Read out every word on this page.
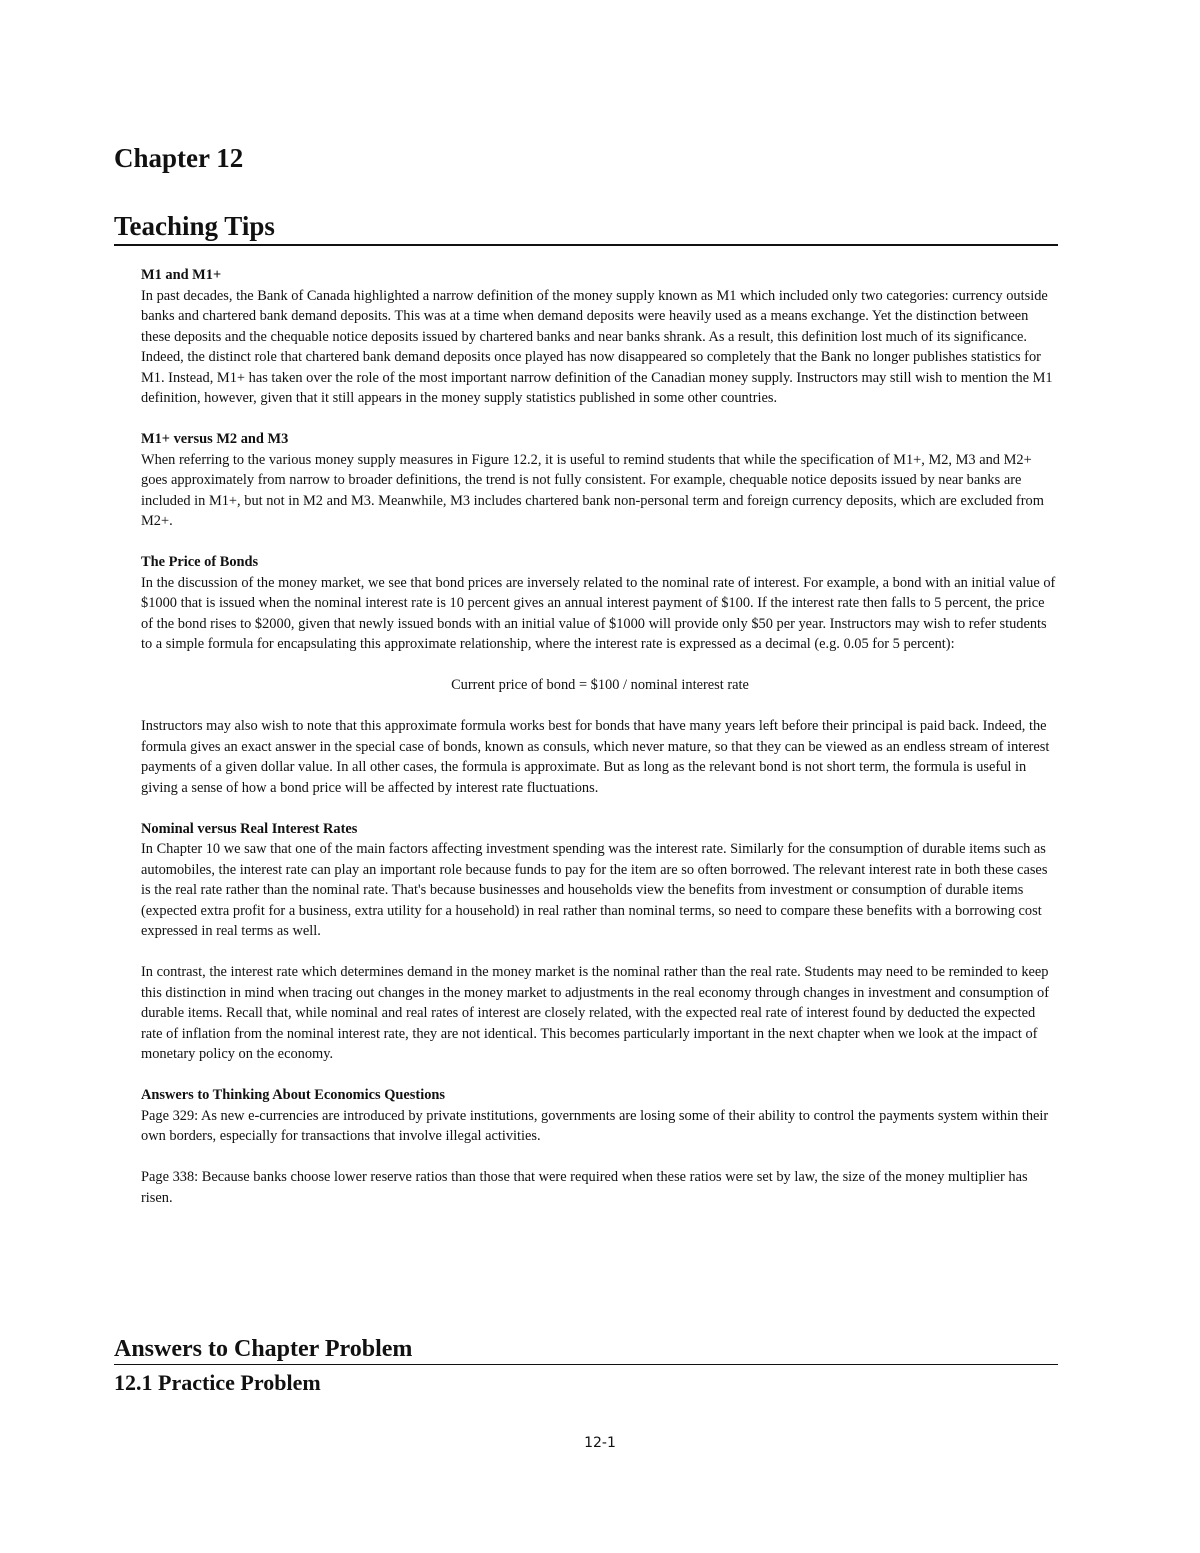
Chapter 12
Teaching Tips
M1 and M1+
In past decades, the Bank of Canada highlighted a narrow definition of the money supply known as M1 which included only two categories: currency outside banks and chartered bank demand deposits. This was at a time when demand deposits were heavily used as a means exchange. Yet the distinction between these deposits and the chequable notice deposits issued by chartered banks and near banks shrank. As a result, this definition lost much of its significance. Indeed, the distinct role that chartered bank demand deposits once played has now disappeared so completely that the Bank no longer publishes statistics for M1. Instead, M1+ has taken over the role of the most important narrow definition of the Canadian money supply. Instructors may still wish to mention the M1 definition, however, given that it still appears in the money supply statistics published in some other countries.
M1+ versus M2 and M3
When referring to the various money supply measures in Figure 12.2, it is useful to remind students that while the specification of M1+, M2, M3 and M2+ goes approximately from narrow to broader definitions, the trend is not fully consistent. For example, chequable notice deposits issued by near banks are included in M1+, but not in M2 and M3. Meanwhile, M3 includes chartered bank non-personal term and foreign currency deposits, which are excluded from M2+.
The Price of Bonds
In the discussion of the money market, we see that bond prices are inversely related to the nominal rate of interest. For example, a bond with an initial value of $1000 that is issued when the nominal interest rate is 10 percent gives an annual interest payment of $100. If the interest rate then falls to 5 percent, the price of the bond rises to $2000, given that newly issued bonds with an initial value of $1000 will provide only $50 per year. Instructors may wish to refer students to a simple formula for encapsulating this approximate relationship, where the interest rate is expressed as a decimal (e.g. 0.05 for 5 percent):
Current price of bond = $100 / nominal interest rate
Instructors may also wish to note that this approximate formula works best for bonds that have many years left before their principal is paid back. Indeed, the formula gives an exact answer in the special case of bonds, known as consuls, which never mature, so that they can be viewed as an endless stream of interest payments of a given dollar value. In all other cases, the formula is approximate. But as long as the relevant bond is not short term, the formula is useful in giving a sense of how a bond price will be affected by interest rate fluctuations.
Nominal versus Real Interest Rates
In Chapter 10 we saw that one of the main factors affecting investment spending was the interest rate. Similarly for the consumption of durable items such as automobiles, the interest rate can play an important role because funds to pay for the item are so often borrowed. The relevant interest rate in both these cases is the real rate rather than the nominal rate. That's because businesses and households view the benefits from investment or consumption of durable items (expected extra profit for a business, extra utility for a household) in real rather than nominal terms, so need to compare these benefits with a borrowing cost expressed in real terms as well.
In contrast, the interest rate which determines demand in the money market is the nominal rather than the real rate. Students may need to be reminded to keep this distinction in mind when tracing out changes in the money market to adjustments in the real economy through changes in investment and consumption of durable items. Recall that, while nominal and real rates of interest are closely related, with the expected real rate of interest found by deducted the expected rate of inflation from the nominal interest rate, they are not identical. This becomes particularly important in the next chapter when we look at the impact of monetary policy on the economy.
Answers to Thinking About Economics Questions
Page 329: As new e-currencies are introduced by private institutions, governments are losing some of their ability to control the payments system within their own borders, especially for transactions that involve illegal activities.
Page 338: Because banks choose lower reserve ratios than those that were required when these ratios were set by law, the size of the money multiplier has risen.
Answers to Chapter Problem
12.1 Practice Problem
12-1
